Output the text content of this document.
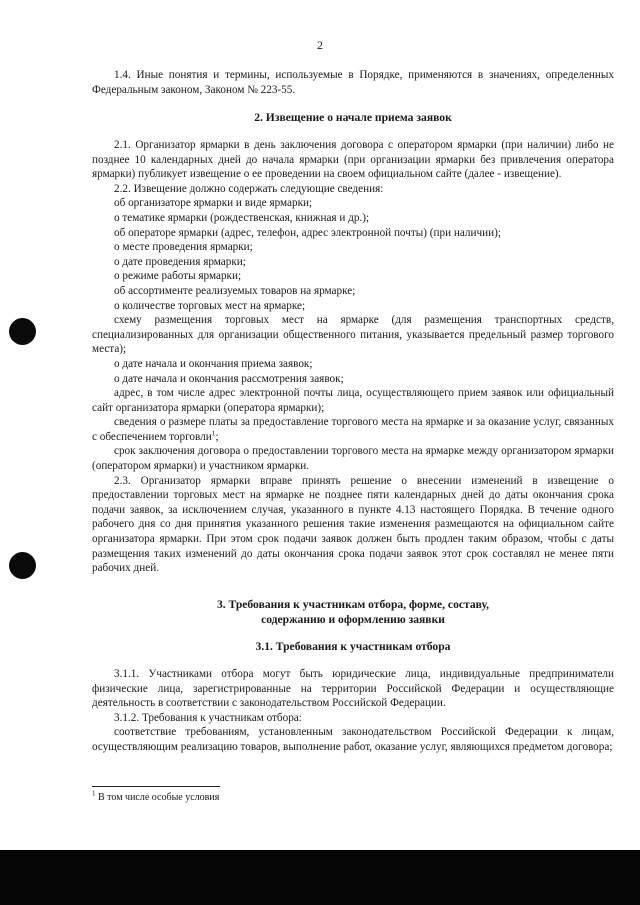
2

1.4. Иные понятия и термины, используемые в Порядке, применяются в значениях, определенных Федеральным законом, Законом № 223-55.

2. Извещение о начале приема заявок

2.1. Организатор ярмарки в день заключения договора с оператором ярмарки (при наличии) либо не позднее 10 календарных дней до начала ярмарки (при организации ярмарки без привлечения оператора ярмарки) публикует извещение о ее проведении на своем официальном сайте (далее - извещение).

2.2. Извещение должно содержать следующие сведения:

об организаторе ярмарки и виде ярмарки;

о тематике ярмарки (рождественская, книжная и др.);

об операторе ярмарки (адрес, телефон, адрес электронной почты) (при наличии);

о месте проведения ярмарки;

о дате проведения ярмарки;

о режиме работы ярмарки;

об ассортименте реализуемых товаров на ярмарке;

о количестве торговых мест на ярмарке;

схему размещения торговых мест на ярмарке (для размещения транспортных средств, специализированных для организации общественного питания, указывается предельный размер торгового места);

о дате начала и окончания приема заявок;

о дате начала и окончания рассмотрения заявок;

адрес, в том числе адрес электронной почты лица, осуществляющего прием заявок или официальный сайт организатора ярмарки (оператора ярмарки);

сведения о размере платы за предоставление торгового места на ярмарке и за оказание услуг, связанных с обеспечением торговли$^1$;

срок заключения договора о предоставлении торгового места на ярмарке между организатором ярмарки (оператором ярмарки) и участником ярмарки.

2.3. Организатор ярмарки вправе принять решение о внесении изменений в извещение о предоставлении торговых мест на ярмарке не позднее пяти календарных дней до даты окончания срока подачи заявок, за исключением случая, указанного в пункте 4.13 настоящего Порядка. В течение одного рабочего дня со дня принятия указанного решения такие изменения размещаются на официальном сайте организатора ярмарки. При этом срок подачи заявок должен быть продлен таким образом, чтобы с даты размещения таких изменений до даты окончания срока подачи заявок этот срок составлял не менее пяти рабочих дней.

3. Требования к участникам отбора, форме, составу,
содержанию и оформлению заявки
3.1. Требования к участникам отбора

3.1.1. Участниками отбора могут быть юридические лица, индивидуальные предприниматели физические лица, зарегистрированные на территории Российской Федерации и осуществляющие деятельность в соответствии с законодательством Российской Федерации.

3.1.2. Требования к участникам отбора:

соответствие требованиям, установленным законодательством Российской Федерации к лицам, осуществляющим реализацию товаров, выполнение работ, оказание услуг, являющихся предметом договора;

$^1$ В том числе особые условия
